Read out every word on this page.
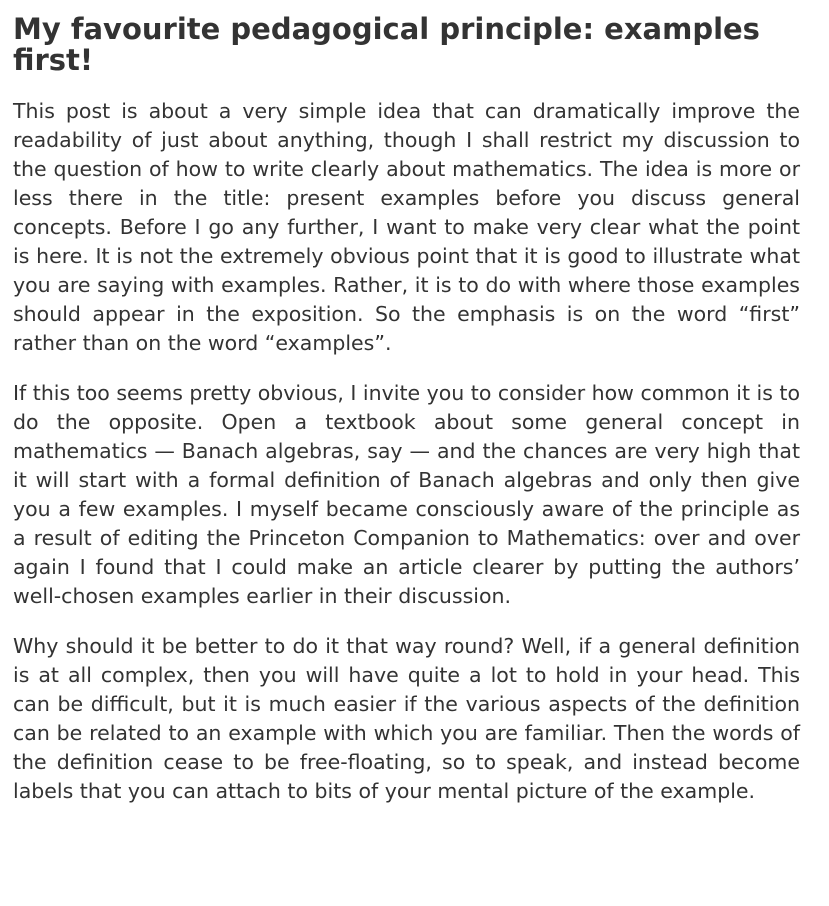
My favourite pedagogical principle: examples first!

This post is about a very simple idea that can dramatically improve the readability of just about anything, though I shall restrict my discussion to the question of how to write clearly about mathematics. The idea is more or less there in the title: present examples before you discuss general concepts. Before I go any further, I want to make very clear what the point is here. It is not the extremely obvious point that it is good to illustrate what you are saying with examples. Rather, it is to do with where those examples should appear in the exposition. So the emphasis is on the word “first” rather than on the word “examples”.

If this too seems pretty obvious, I invite you to consider how common it is to do the opposite. Open a textbook about some general concept in mathematics — Banach algebras, say — and the chances are very high that it will start with a formal definition of Banach algebras and only then give you a few examples. I myself became consciously aware of the principle as a result of editing the Princeton Companion to Mathematics: over and over again I found that I could make an article clearer by putting the authors’ well-chosen examples earlier in their discussion.

Why should it be better to do it that way round? Well, if a general definition is at all complex, then you will have quite a lot to hold in your head. This can be difficult, but it is much easier if the various aspects of the definition can be related to an example with which you are familiar. Then the words of the definition cease to be free-floating, so to speak, and instead become labels that you can attach to bits of your mental picture of the example.
